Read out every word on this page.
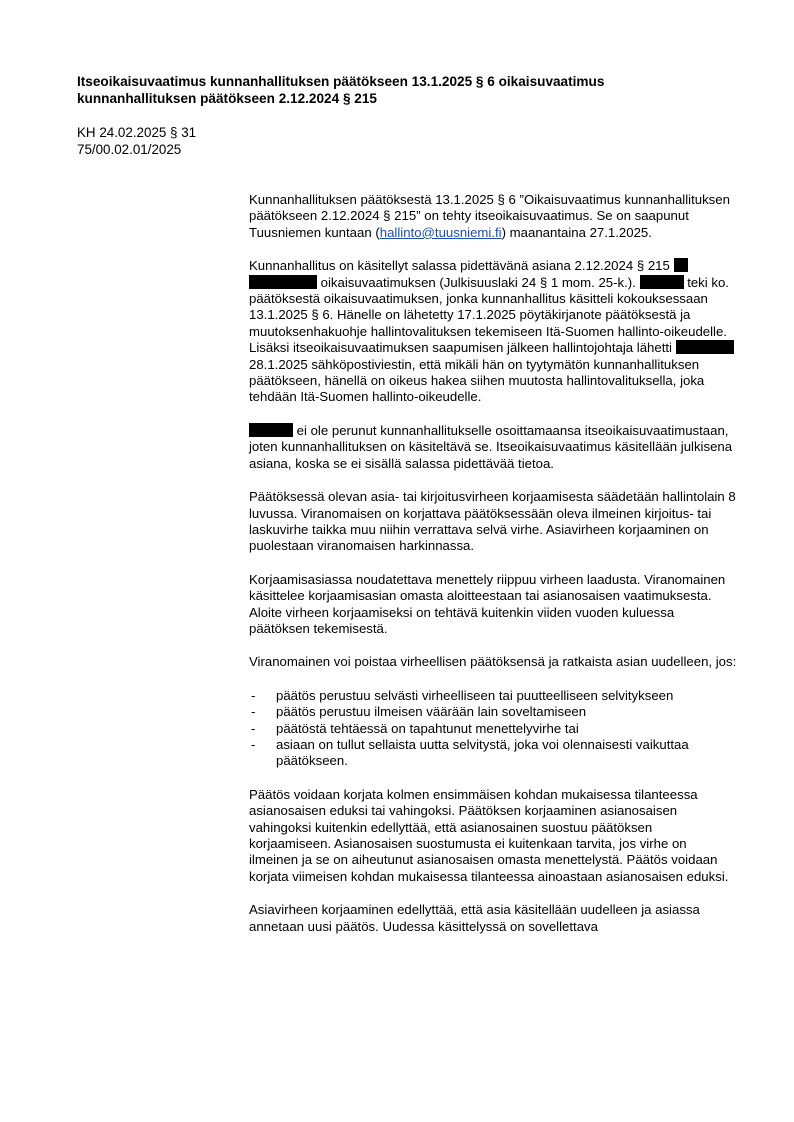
Itseoikaisuvaatimus kunnanhallituksen päätökseen 13.1.2025 § 6 oikaisuvaatimus kunnanhallituksen päätökseen 2.12.2024 § 215
KH 24.02.2025 § 31
75/00.02.01/2025

Kunnanhallituksen päätöksestä 13.1.2025 § 6 ”Oikaisuvaatimus kunnanhallituksen päätökseen 2.12.2024 § 215” on tehty itseoikaisuvaatimus. Se on saapunut Tuusniemen kuntaan (hallinto@tuusniemi.fi) maanantaina 27.1.2025.

Kunnanhallitus on käsitellyt salassa pidettävänä asiana 2.12.2024 § 215   oikaisuvaatimuksen (Julkisuuslaki 24 § 1 mom. 25-k.).	teki ko. päätöksestä oikaisuvaatimuksen, jonka kunnanhallitus käsitteli kokouksessaan 13.1.2025 § 6. Hänelle on lähetetty 17.1.2025 pöytäkirjanote päätöksestä ja muutoksenhakuohje hallintovalituksen tekemiseen Itä-Suomen hallinto-oikeudelle. Lisäksi itseoikaisuvaatimuksen saapumisen jälkeen hallintojohtaja lähetti  28.1.2025 sähköpostiviestin, että mikäli hän on tyytymätön kunnanhallituksen päätökseen, hänellä on oikeus hakea siihen muutosta hallintovalituksella, joka tehdään Itä-Suomen hallinto-oikeudelle.

ei ole perunut kunnanhallitukselle osoittamaansa itseoikaisuvaatimustaan, joten kunnanhallituksen on käsiteltävä se. Itseoikaisuvaatimus käsitellään julkisena asiana, koska se ei sisällä salassa pidettävää tietoa.

Päätöksessä olevan asia- tai kirjoitusvirheen korjaamisesta säädetään hallintolain 8 luvussa. Viranomaisen on korjattava päätöksessään oleva ilmeinen kirjoitus- tai laskuvirhe taikka muu niihin verrattava selvä virhe. Asiavirheen korjaaminen on puolestaan viranomaisen harkinnassa.

Korjaamisasiassa noudatettava menettely riippuu virheen laadusta. Viranomainen käsittelee korjaamisasian omasta aloitteestaan tai asianosaisen vaatimuksesta. Aloite virheen korjaamiseksi on tehtävä kuitenkin viiden vuoden kuluessa päätöksen tekemisestä.

Viranomainen voi poistaa virheellisen päätöksensä ja ratkaista asian uudelleen, jos:

- päätös perustuu selvästi virheelliseen tai puutteelliseen selvitykseen
- päätös perustuu ilmeisen väärään lain soveltamiseen
- päätöstä tehtäessä on tapahtunut menettelyvirhe tai
- asiaan on tullut sellaista uutta selvitystä, joka voi olennaisesti vaikuttaa päätökseen.

Päätös voidaan korjata kolmen ensimmäisen kohdan mukaisessa tilanteessa asianosaisen eduksi tai vahingoksi. Päätöksen korjaaminen asianosaisen vahingoksi kuitenkin edellyttää, että asianosainen suostuu päätöksen korjaamiseen. Asianosaisen suostumusta ei kuitenkaan tarvita, jos virhe on ilmeinen ja se on aiheutunut asianosaisen omasta menettelystä. Päätös voidaan korjata viimeisen kohdan mukaisessa tilanteessa ainoastaan asianosaisen eduksi.

Asiavirheen korjaaminen edellyttää, että asia käsitellään uudelleen ja asiassa annetaan uusi päätös. Uudessa käsittelyssä on sovellettava
